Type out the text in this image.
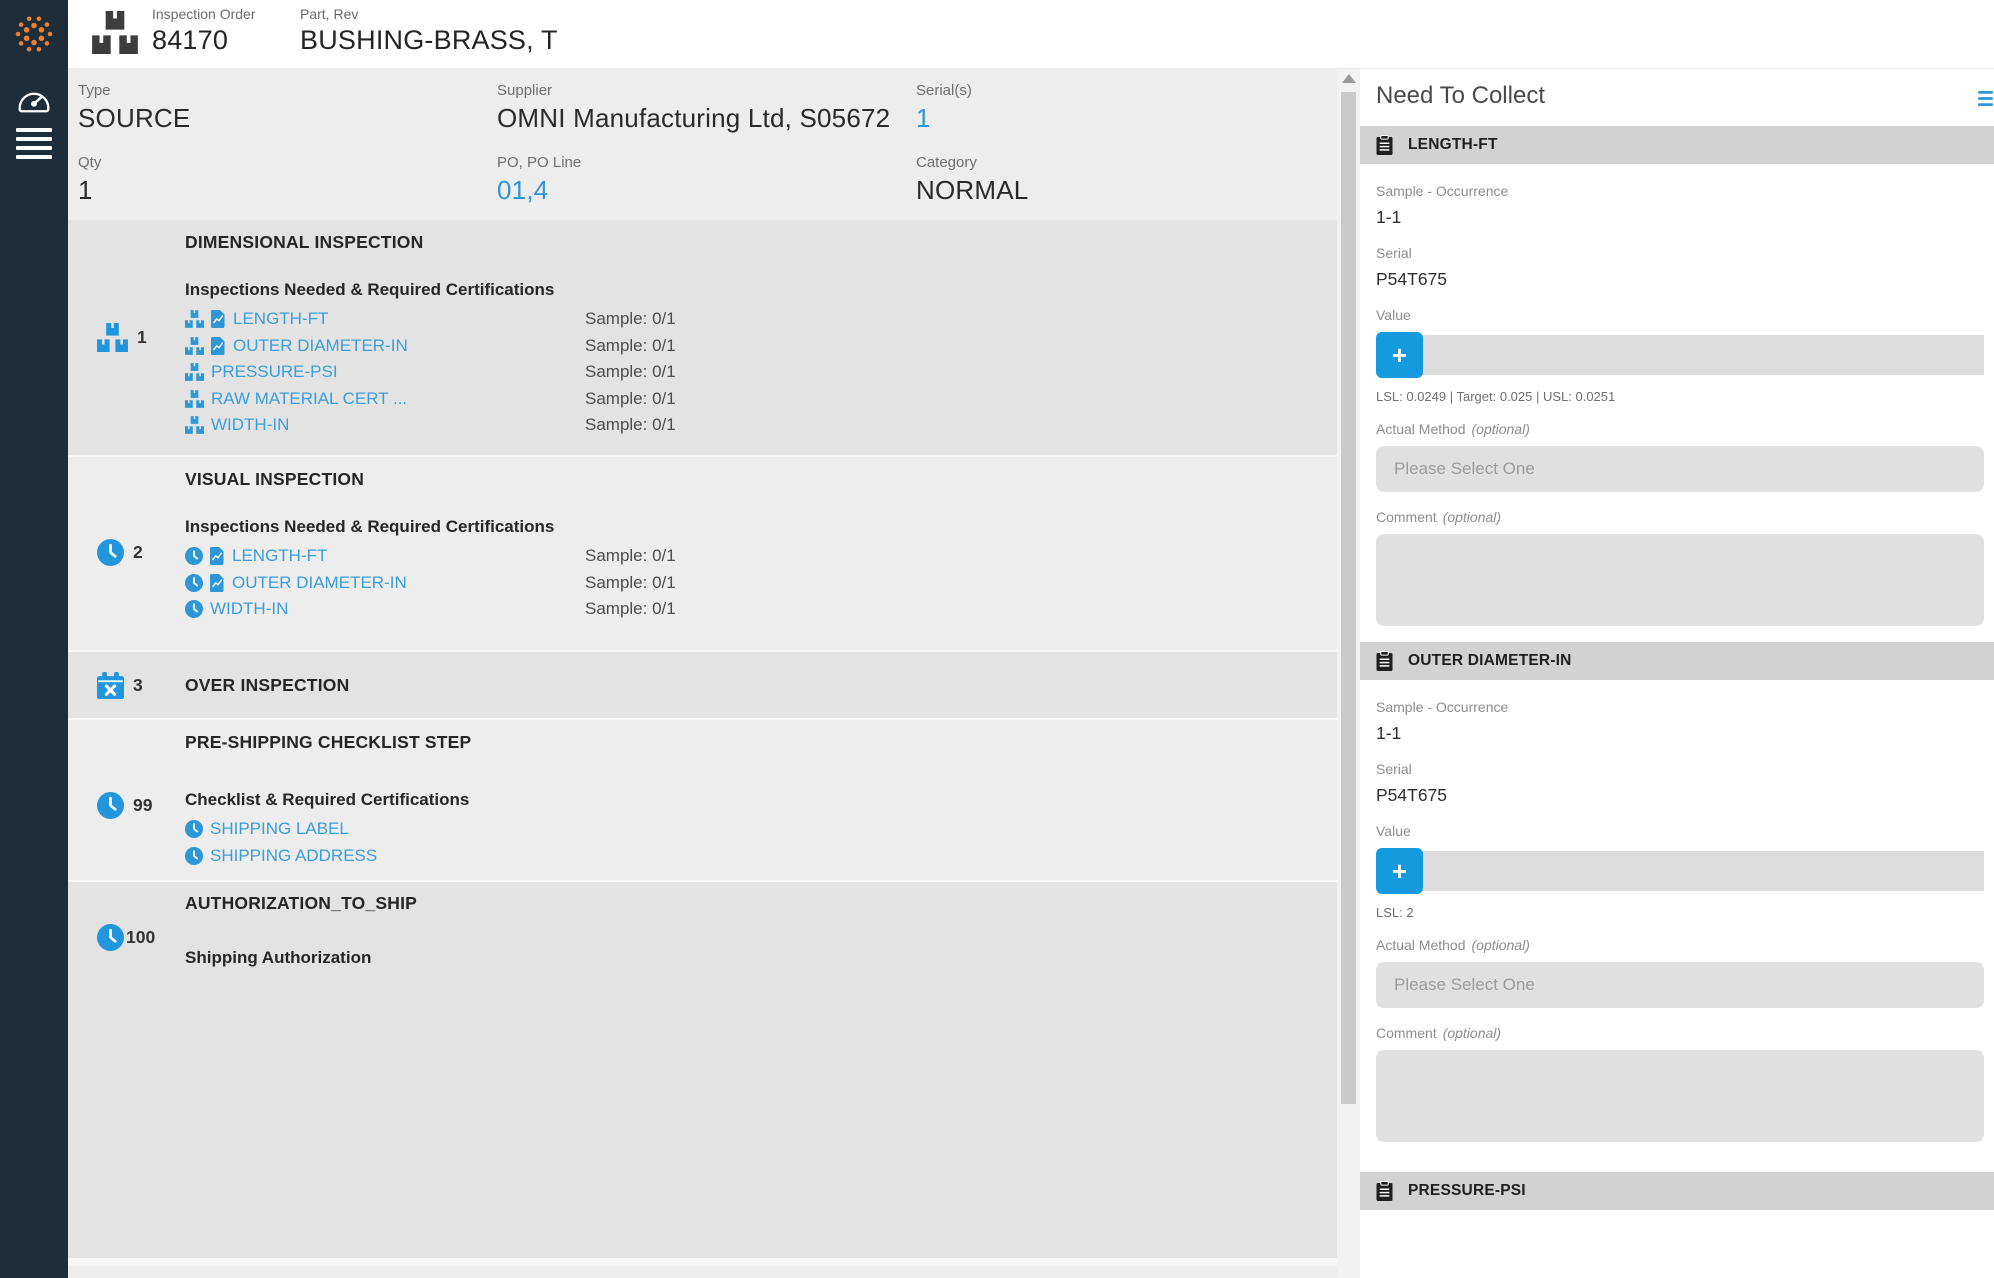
Inspection Order
84170
Part, Rev
BUSHING-BRASS, T
Type
SOURCE
Qty
1
Supplier
OMNI Manufacturing Ltd, S05672
PO, PO Line
01,4
Serial(s)
1
Category
NORMAL
1
DIMENSIONAL INSPECTION
Inspections Needed & Required Certifications
LENGTH-FT	Sample: 0/1
OUTER DIAMETER-IN	Sample: 0/1
PRESSURE-PSI	Sample: 0/1
RAW MATERIAL CERT ...	Sample: 0/1
WIDTH-IN	Sample: 0/1
2
VISUAL INSPECTION
Inspections Needed & Required Certifications
LENGTH-FT	Sample: 0/1
OUTER DIAMETER-IN	Sample: 0/1
WIDTH-IN	Sample: 0/1
3 OVER INSPECTION
99
PRE-SHIPPING CHECKLIST STEP
Checklist & Required Certifications
SHIPPING LABEL
SHIPPING ADDRESS
100
AUTHORIZATION_TO_SHIP
Shipping Authorization
Need To Collect
LENGTH-FT
Sample - Occurrence
1-1
Serial
P54T675
Value
+
LSL: 0.0249 | Target: 0.025 | USL: 0.0251
Actual Method (optional)
Please Select One
Comment (optional)
OUTER DIAMETER-IN
Sample - Occurrence
1-1
Serial
P54T675
Value
+
LSL: 2
Actual Method (optional)
Please Select One
Comment (optional)
PRESSURE-PSI
